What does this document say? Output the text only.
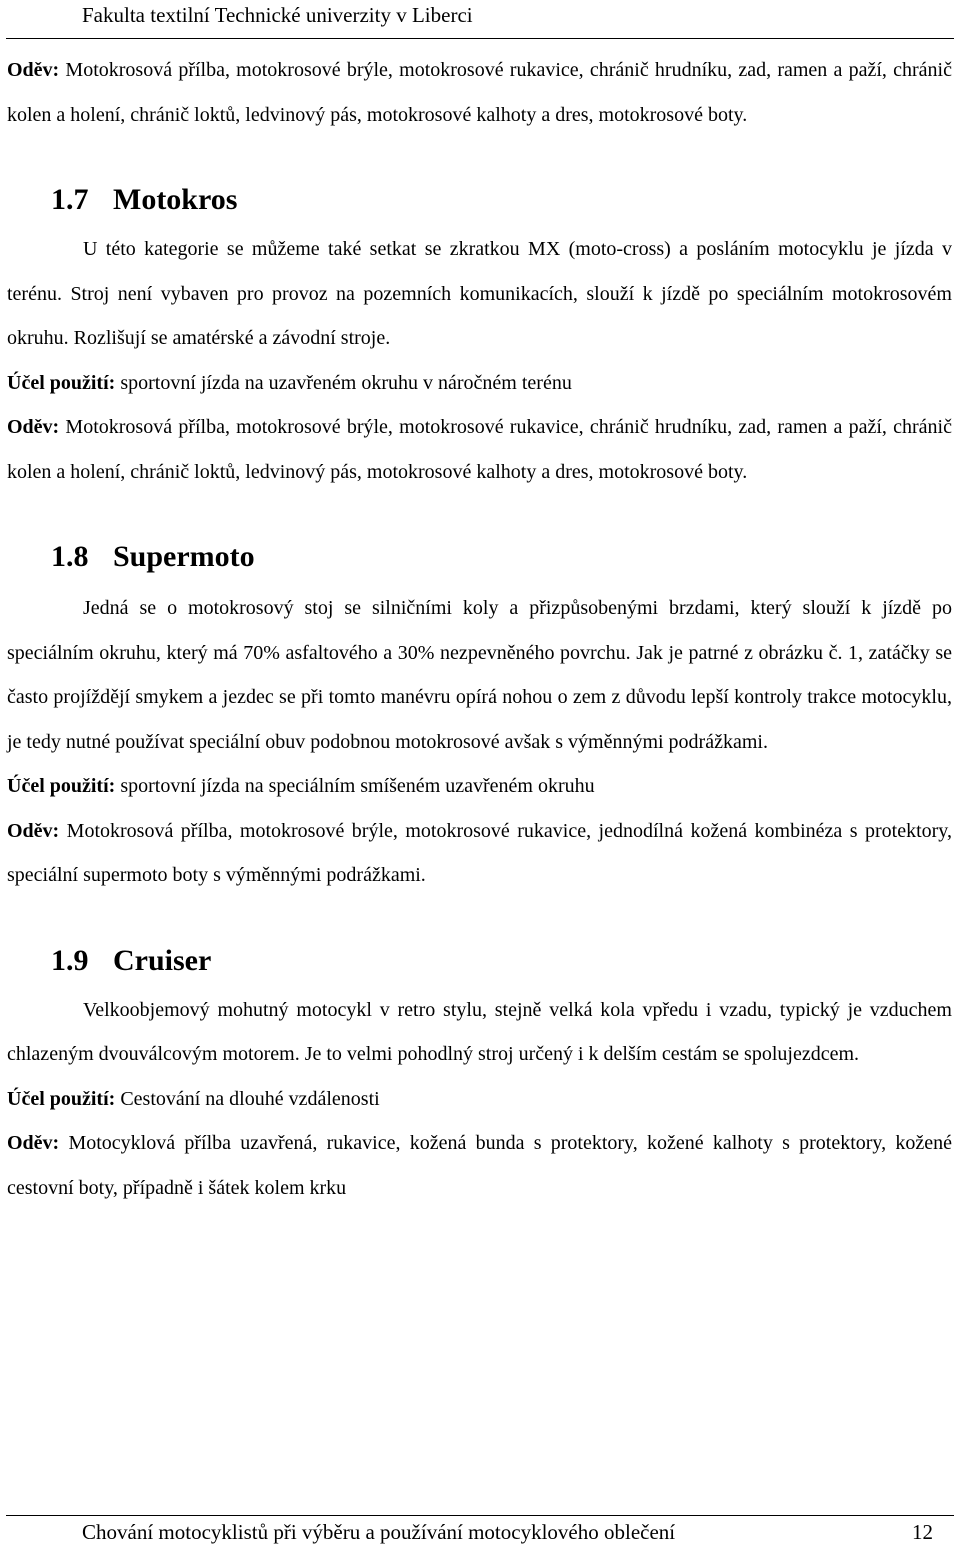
Fakulta textilní Technické univerzity v Liberci

Oděv: Motokrosová přílba, motokrosové brýle, motokrosové rukavice, chránič hrudníku, zad, ramen a paží, chránič kolen a holení, chránič loktů, ledvinový pás, motokrosové kalhoty a dres, motokrosové boty.

1.7 Motokros

U této kategorie se můžeme také setkat se zkratkou MX (moto-cross) a posláním motocyklu je jízda v terénu. Stroj není vybaven pro provoz na pozemních komunikacích, slouží k jízdě po speciálním motokrosovém okruhu. Rozlišují se amatérské a závodní stroje.

Účel použití: sportovní jízda na uzavřeném okruhu v náročném terénu

Oděv: Motokrosová přílba, motokrosové brýle, motokrosové rukavice, chránič hrudníku, zad, ramen a paží, chránič kolen a holení, chránič loktů, ledvinový pás, motokrosové kalhoty a dres, motokrosové boty.

1.8 Supermoto

Jedná se o motokrosový stoj se silničními koly a přizpůsobenými brzdami, který slouží k jízdě po speciálním okruhu, který má 70% asfaltového a 30% nezpevněného povrchu. Jak je patrné z obrázku č. 1, zatáčky se často projíždějí smykem a jezdec se při tomto manévru opírá nohou o zem z důvodu lepší kontroly trakce motocyklu, je tedy nutné používat speciální obuv podobnou motokrosové avšak s výměnnými podrážkami.

Účel použití: sportovní jízda na speciálním smíšeném uzavřeném okruhu

Oděv: Motokrosová přílba, motokrosové brýle, motokrosové rukavice, jednodílná kožená kombinéza s protektory, speciální supermoto boty s výměnnými podrážkami.

1.9 Cruiser

Velkoobjemový mohutný motocykl v retro stylu, stejně velká kola vpředu i vzadu, typický je vzduchem chlazeným dvouválcovým motorem. Je to velmi pohodlný stroj určený i k delším cestám se spolujezdcem.

Účel použití: Cestování na dlouhé vzdálenosti

Oděv: Motocyklová přílba uzavřená, rukavice, kožená bunda s protektory, kožené kalhoty s protektory, kožené cestovní boty, případně i šátek kolem krku

Chování motocyklistů při výběru a používání motocyklového oblečení	12
